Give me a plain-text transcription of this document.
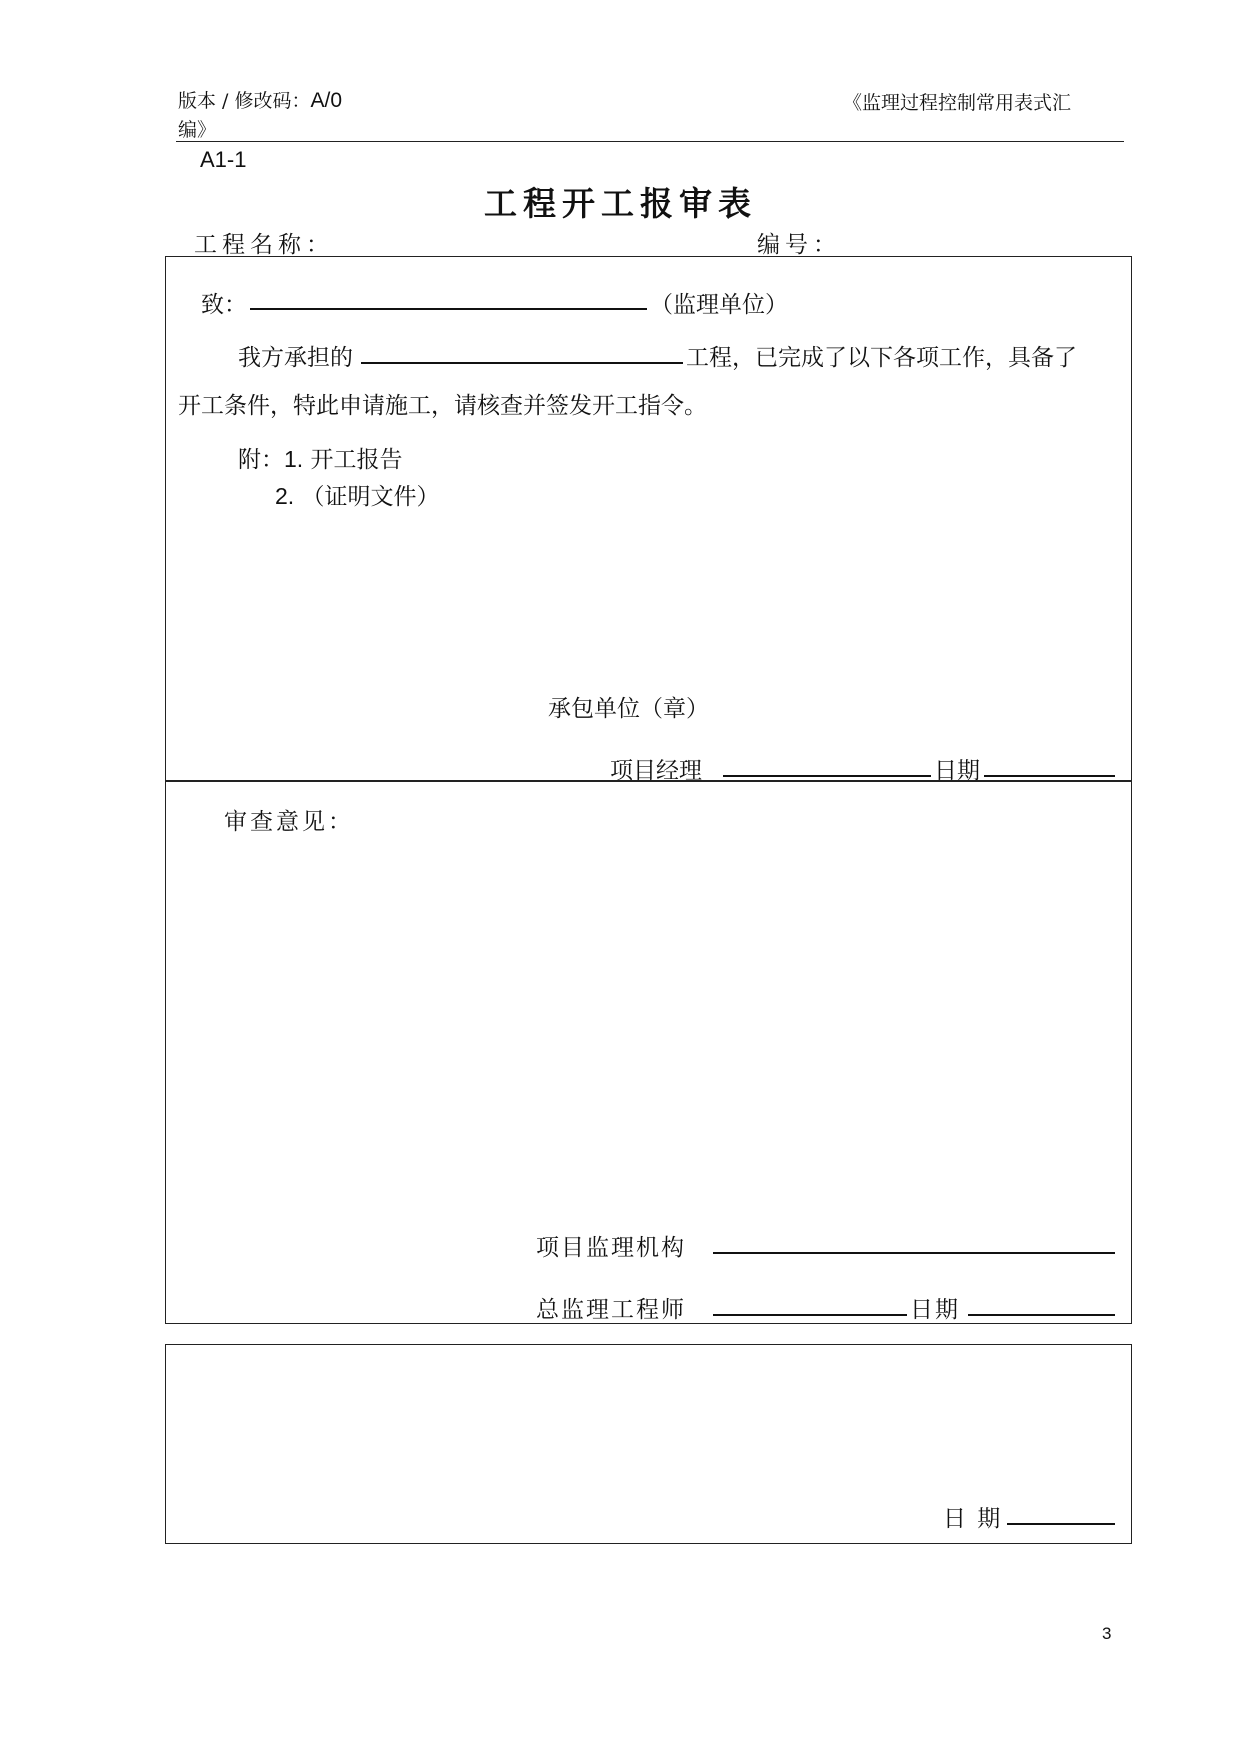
版本 / 修改码：A/0	《监理过程控制常用表式汇
编》
A1-1
工程开工报审表
工程名称：	编号：
致：	（监理单位）
我方承担的	工程，已完成了以下各项工作，具备了
开工条件，特此申请施工，请核查并签发开工指令。
附：1. 开工报告
2. （证明文件）
承包单位（章）
项目经理	日期
审查意见：
项目监理机构
总监理工程师	日期
日 期
3
